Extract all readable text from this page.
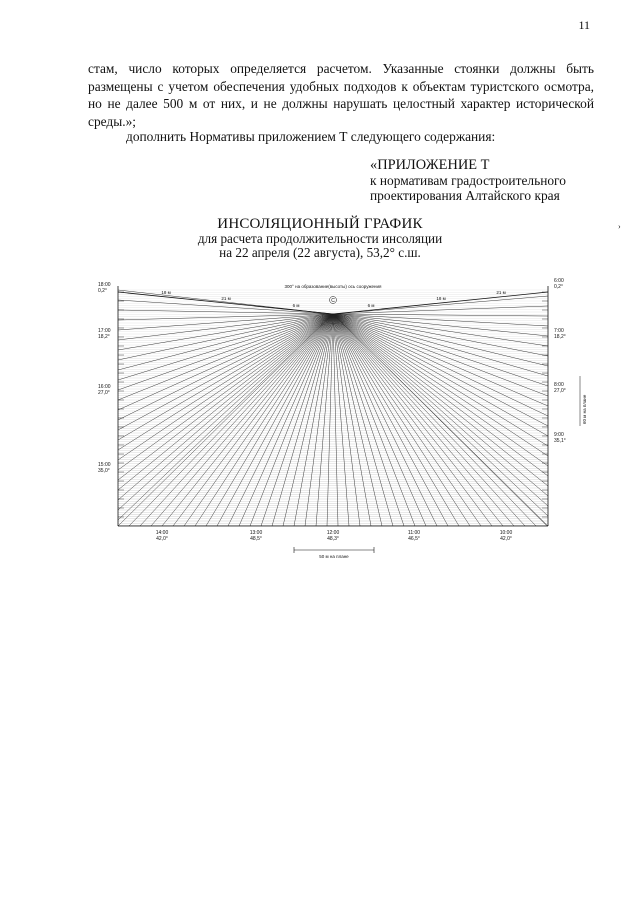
11
стам, число которых определяется расчетом. Указанные стоянки должны быть размещены с учетом обеспечения удобных подходов к объектам туристского осмотра, но не далее 500 м от них, и не должны нарушать целостный характер исторической среды.»;
дополнить Нормативы приложением Т следующего содержания:
«ПРИЛОЖЕНИЕ Т
к нормативам градостроительного
проектирования Алтайского края
ИНСОЛЯЦИОННЫЙ ГРАФИК
для расчета продолжительности инсоляции
на 22 апреля (22 августа), 53,2° с.ш.
›
С
300° на образование(высоты) ось сооружения
18 м
21 м
6 м	6 м
18 м
21 м
18:00
0,2°
17:00
18,2°
16:00
27,0°
15:00
35,0°
6:00
0,2°
7:00
18,2°
8:00
27,0°
9:00
35,1°
60 м на плане
14:00
42,0°
13:00
48,5°
12:00
48,3°
11:00
46,5°
10:00
42,0°
50 м на плане
